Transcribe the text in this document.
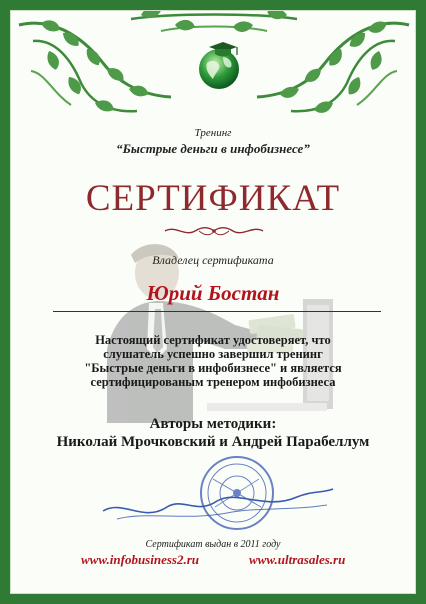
Тренинг
“Быстрые деньги в инфобизнесе”
СЕРТИФИКАТ
Владелец сертификата
Юрий Бостан
Настоящий сертификат удостоверяет, что
слушатель успешно завершил тренинг
"Быстрые деньги в инфобизнесе" и является
сертифицированым тренером инфобизнеса
Авторы методики:
Николай Мрочковский и Андрей Парабеллум
Сертификат выдан в 2011 году
www.infobusiness2.ru	www.ultrasales.ru
